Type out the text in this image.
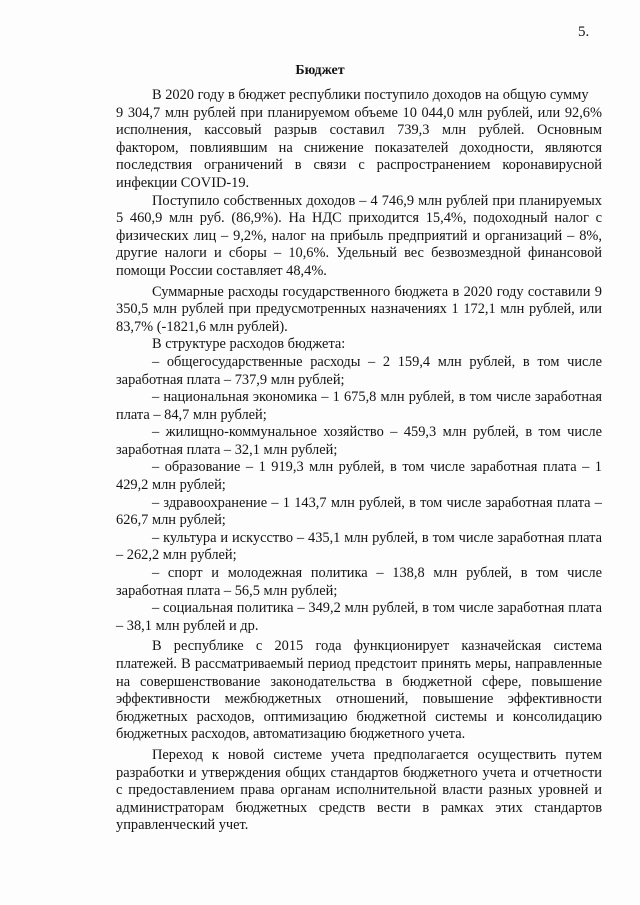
5.
Бюджет

В 2020 году в бюджет республики поступило доходов на общую сумму

9 304,7 млн рублей при планируемом объеме 10 044,0 млн рублей, или 92,6% исполнения, кассовый разрыв составил 739,3 млн рублей. Основным фактором, повлиявшим на снижение показателей доходности, являются последствия ограничений в связи с распространением коронавирусной инфекции COVID-19.

Поступило собственных доходов – 4 746,9 млн рублей при планируемых 5 460,9 млн руб. (86,9%). На НДС приходится 15,4%, подоходный налог с физических лиц – 9,2%, налог на прибыль предприятий и организаций – 8%, другие налоги и сборы – 10,6%. Удельный вес безвозмездной финансовой помощи России составляет 48,4%.

Суммарные расходы государственного бюджета в 2020 году составили 9 350,5 млн рублей при предусмотренных назначениях 1 172,1 млн рублей, или 83,7% (-1821,6 млн рублей).

В структуре расходов бюджета:

– общегосударственные расходы – 2 159,4 млн рублей, в том числе заработная плата – 737,9 млн рублей;

– национальная экономика – 1 675,8 млн рублей, в том числе заработная плата – 84,7 млн рублей;

– жилищно-коммунальное хозяйство – 459,3 млн рублей, в том числе заработная плата – 32,1 млн рублей;

– образование – 1 919,3 млн рублей, в том числе заработная плата – 1 429,2 млн рублей;

– здравоохранение – 1 143,7 млн рублей, в том числе заработная плата – 626,7 млн рублей;

– культура и искусство – 435,1 млн рублей, в том числе заработная плата – 262,2 млн рублей;

– спорт и молодежная политика – 138,8 млн рублей, в том числе заработная плата – 56,5 млн рублей;

– социальная политика – 349,2 млн рублей, в том числе заработная плата – 38,1 млн рублей и др.

В республике с 2015 года функционирует казначейская система платежей. В рассматриваемый период предстоит принять меры, направленные на совершенствование законодательства в бюджетной сфере, повышение эффективности межбюджетных отношений, повышение эффективности бюджетных расходов, оптимизацию бюджетной системы и консолидацию бюджетных расходов, автоматизацию бюджетного учета.

Переход к новой системе учета предполагается осуществить путем разработки и утверждения общих стандартов бюджетного учета и отчетности с предоставлением права органам исполнительной власти разных уровней и администраторам бюджетных средств вести в рамках этих стандартов управленческий учет.
